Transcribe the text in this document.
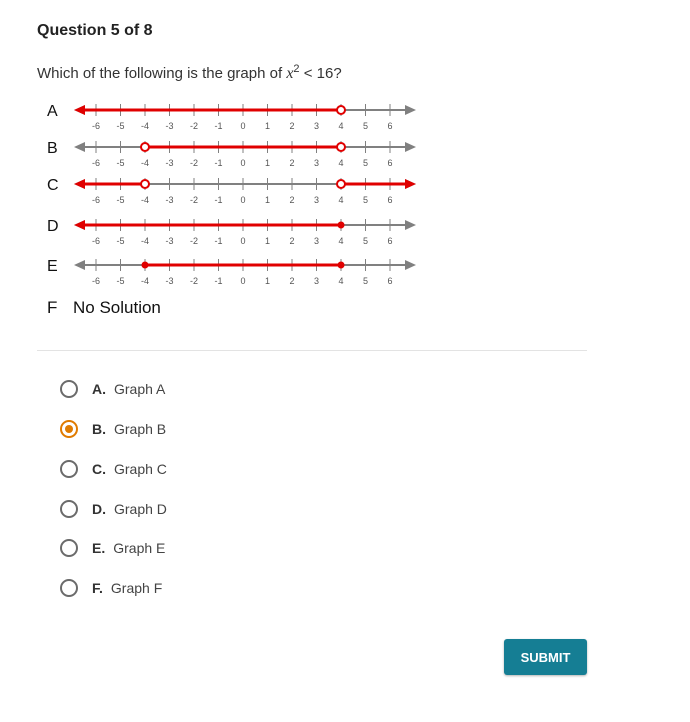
Question 5 of 8
Which of the following is the graph of $x^2 < 16$?
A
-6 -5 -4 -3 -2 -1 0 1 2 3 4 5 6
B
-6 -5 -4 -3 -2 -1 0 1 2 3 4 5 6
C
-6 -5 -4 -3 -2 -1 0 1 2 3 4 5 6
D
-6 -5 -4 -3 -2 -1 0 1 2 3 4 5 6
E
-6 -5 -4 -3 -2 -1 0 1 2 3 4 5 6
F No Solution
A. Graph A
B. Graph B
C. Graph C
D. Graph D
E. Graph E
F. Graph F
SUBMIT
